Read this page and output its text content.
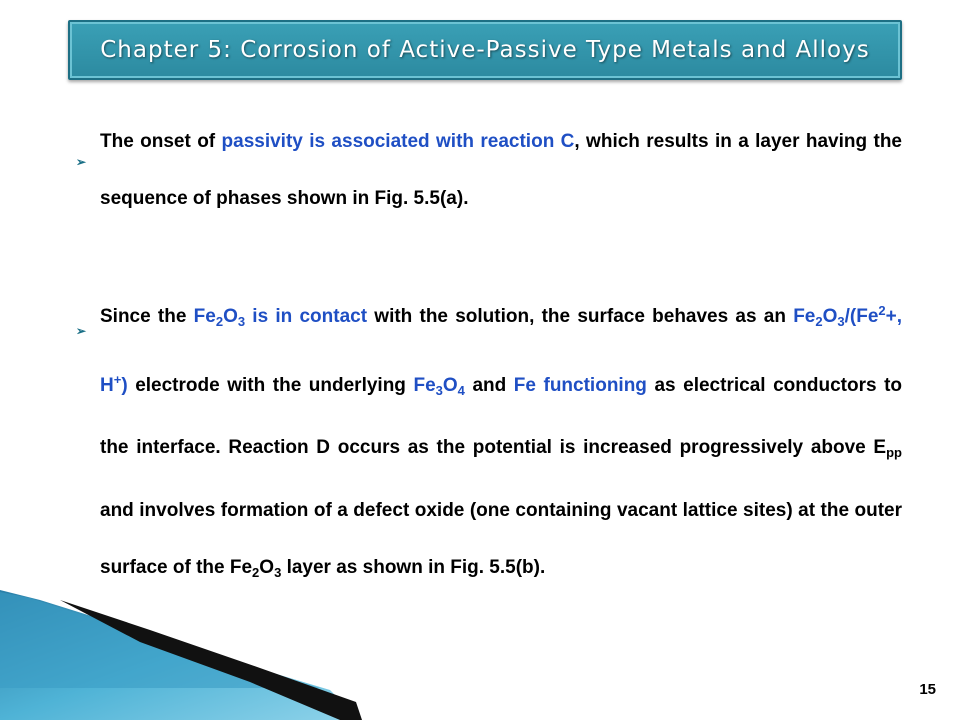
Chapter 5: Corrosion of Active-Passive Type Metals and Alloys
➢
The onset of passivity is associated with reaction C, which results in a layer having the sequence of phases shown in Fig. 5.5(a).
➢
Since the $Fe_2O_3$ is in contact with the solution, the surface behaves as an $Fe_2O_3/(Fe^2+$, H+) electrode with the underlying $Fe_3O_4$ and Fe functioning as electrical conductors to the interface. Reaction D occurs as the potential is increased progressively above $E_{pp}$ and involves formation of a defect oxide (one containing vacant lattice sites) at the outer surface of the $Fe_2O_3$ layer as shown in Fig. 5.5(b).
15
